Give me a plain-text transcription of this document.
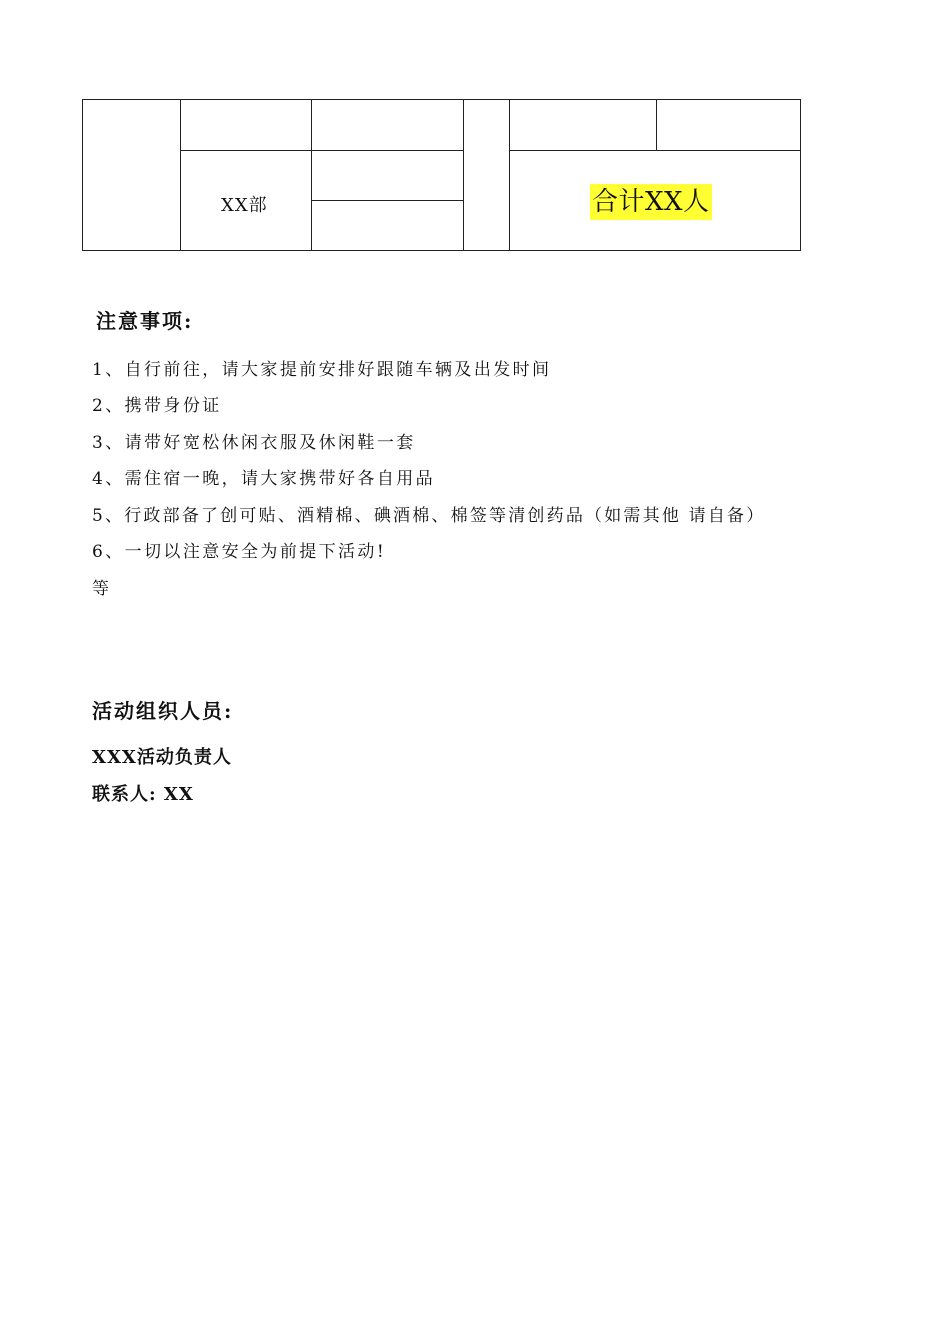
XX部	合计XX人
注意事项:
1、自行前往，请大家提前安排好跟随车辆及出发时间
2、携带身份证
3、请带好宽松休闲衣服及休闲鞋一套
4、需住宿一晚，请大家携带好各自用品
5、行政部备了创可贴、酒精棉、碘酒棉、棉签等清创药品（如需其他 请自备）
6、一切以注意安全为前提下活动!
等
活动组织人员:
XXX活动负责人
联系人: XX
